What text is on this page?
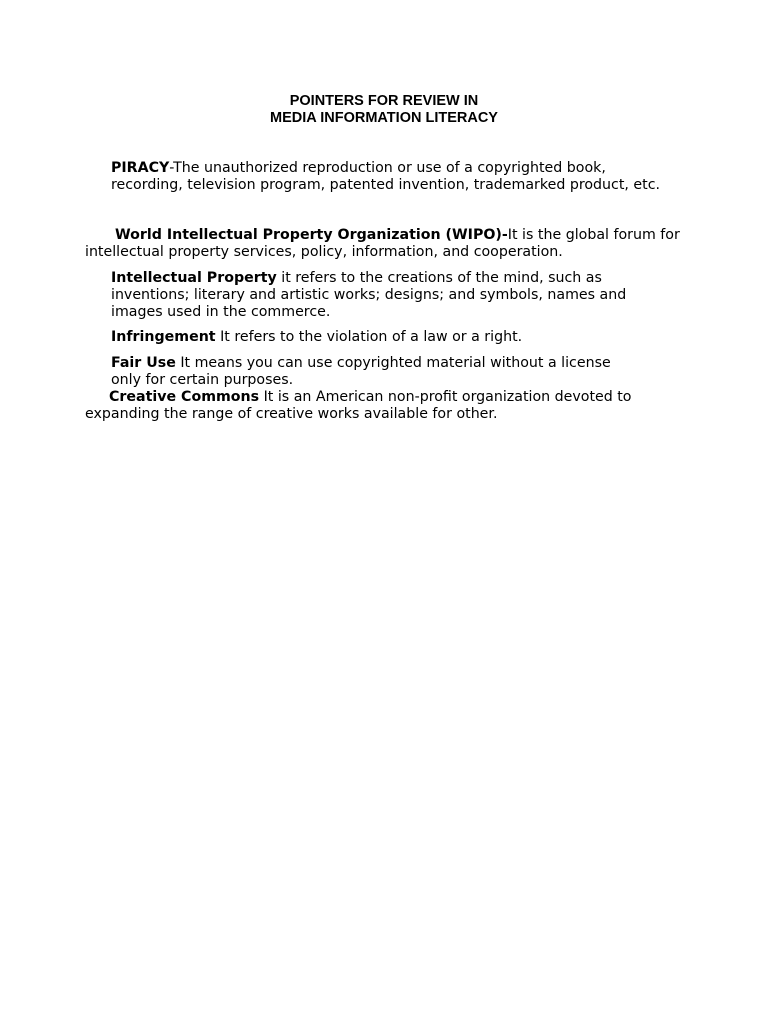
POINTERS FOR REVIEW IN
MEDIA INFORMATION LITERACY

PIRACY-The unauthorized reproduction or use of a copyrighted book, recording, television program, patented invention, trademarked product, etc.

World Intellectual Property Organization (WIPO)-It is the global forum for intellectual property services, policy, information, and cooperation.

Intellectual Property it refers to the creations of the mind, such as inventions; literary and artistic works; designs; and symbols, names and images used in the commerce.

Infringement It refers to the violation of a law or a right.

Fair Use It means you can use copyrighted material without a license only for certain purposes.

Creative Commons It is an American non-profit organization devoted to expanding the range of creative works available for other.
